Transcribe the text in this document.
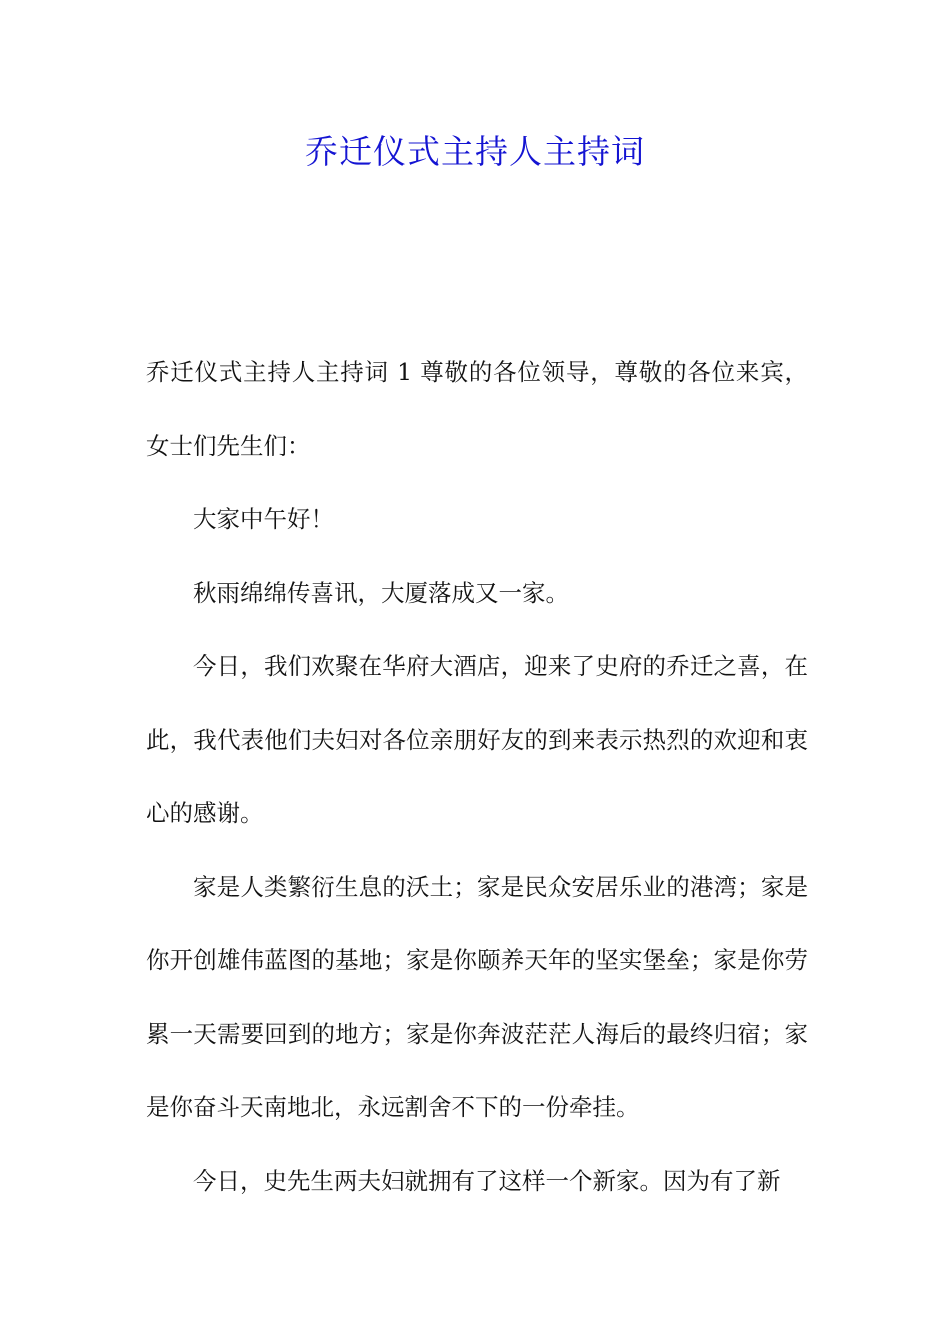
乔迁仪式主持人主持词

乔迁仪式主持人主持词 1 尊敬的各位领导，尊敬的各位来宾，女士们先生们：

大家中午好！

秋雨绵绵传喜讯，大厦落成又一家。

今日，我们欢聚在华府大酒店，迎来了史府的乔迁之喜，在此，我代表他们夫妇对各位亲朋好友的到来表示热烈的欢迎和衷心的感谢。

家是人类繁衍生息的沃土；家是民众安居乐业的港湾；家是你开创雄伟蓝图的基地；家是你颐养天年的坚实堡垒；家是你劳累一天需要回到的地方；家是你奔波茫茫人海后的最终归宿；家是你奋斗天南地北，永远割舍不下的一份牵挂。

今日，史先生两夫妇就拥有了这样一个新家。因为有了新
